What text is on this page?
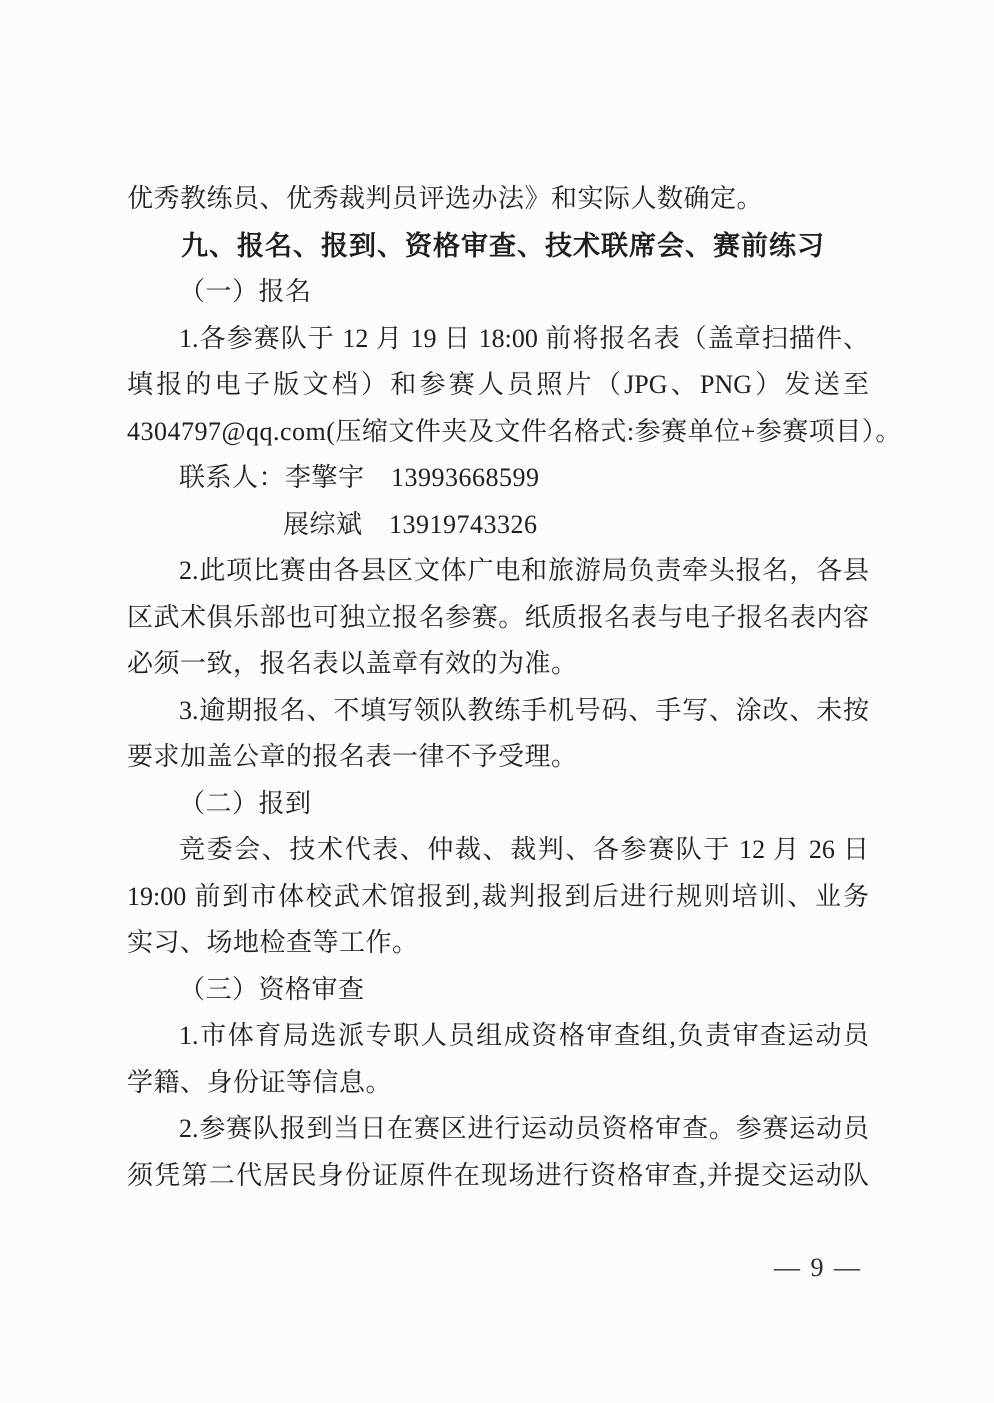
优秀教练员、优秀裁判员评选办法》和实际人数确定。
九、报名、报到、资格审查、技术联席会、赛前练习
（一）报名
1.各参赛队于 12 月 19 日 18:00 前将报名表（盖章扫描件、
填报的电子版文档）和参赛人员照片（JPG、PNG）发送至
4304797@qq.com(压缩文件夹及文件名格式:参赛单位+参赛项目）。
联系人：李擎宇　13993668599
展综斌　13919743326
2.此项比赛由各县区文体广电和旅游局负责牵头报名，各县
区武术俱乐部也可独立报名参赛。纸质报名表与电子报名表内容
必须一致，报名表以盖章有效的为准。
3.逾期报名、不填写领队教练手机号码、手写、涂改、未按
要求加盖公章的报名表一律不予受理。
（二）报到
竞委会、技术代表、仲裁、裁判、各参赛队于 12 月 26 日
19:00 前到市体校武术馆报到,裁判报到后进行规则培训、业务
实习、场地检查等工作。
（三）资格审查
1.市体育局选派专职人员组成资格审查组,负责审查运动员
学籍、身份证等信息。
2.参赛队报到当日在赛区进行运动员资格审查。参赛运动员
须凭第二代居民身份证原件在现场进行资格审查,并提交运动队
— 9 —
